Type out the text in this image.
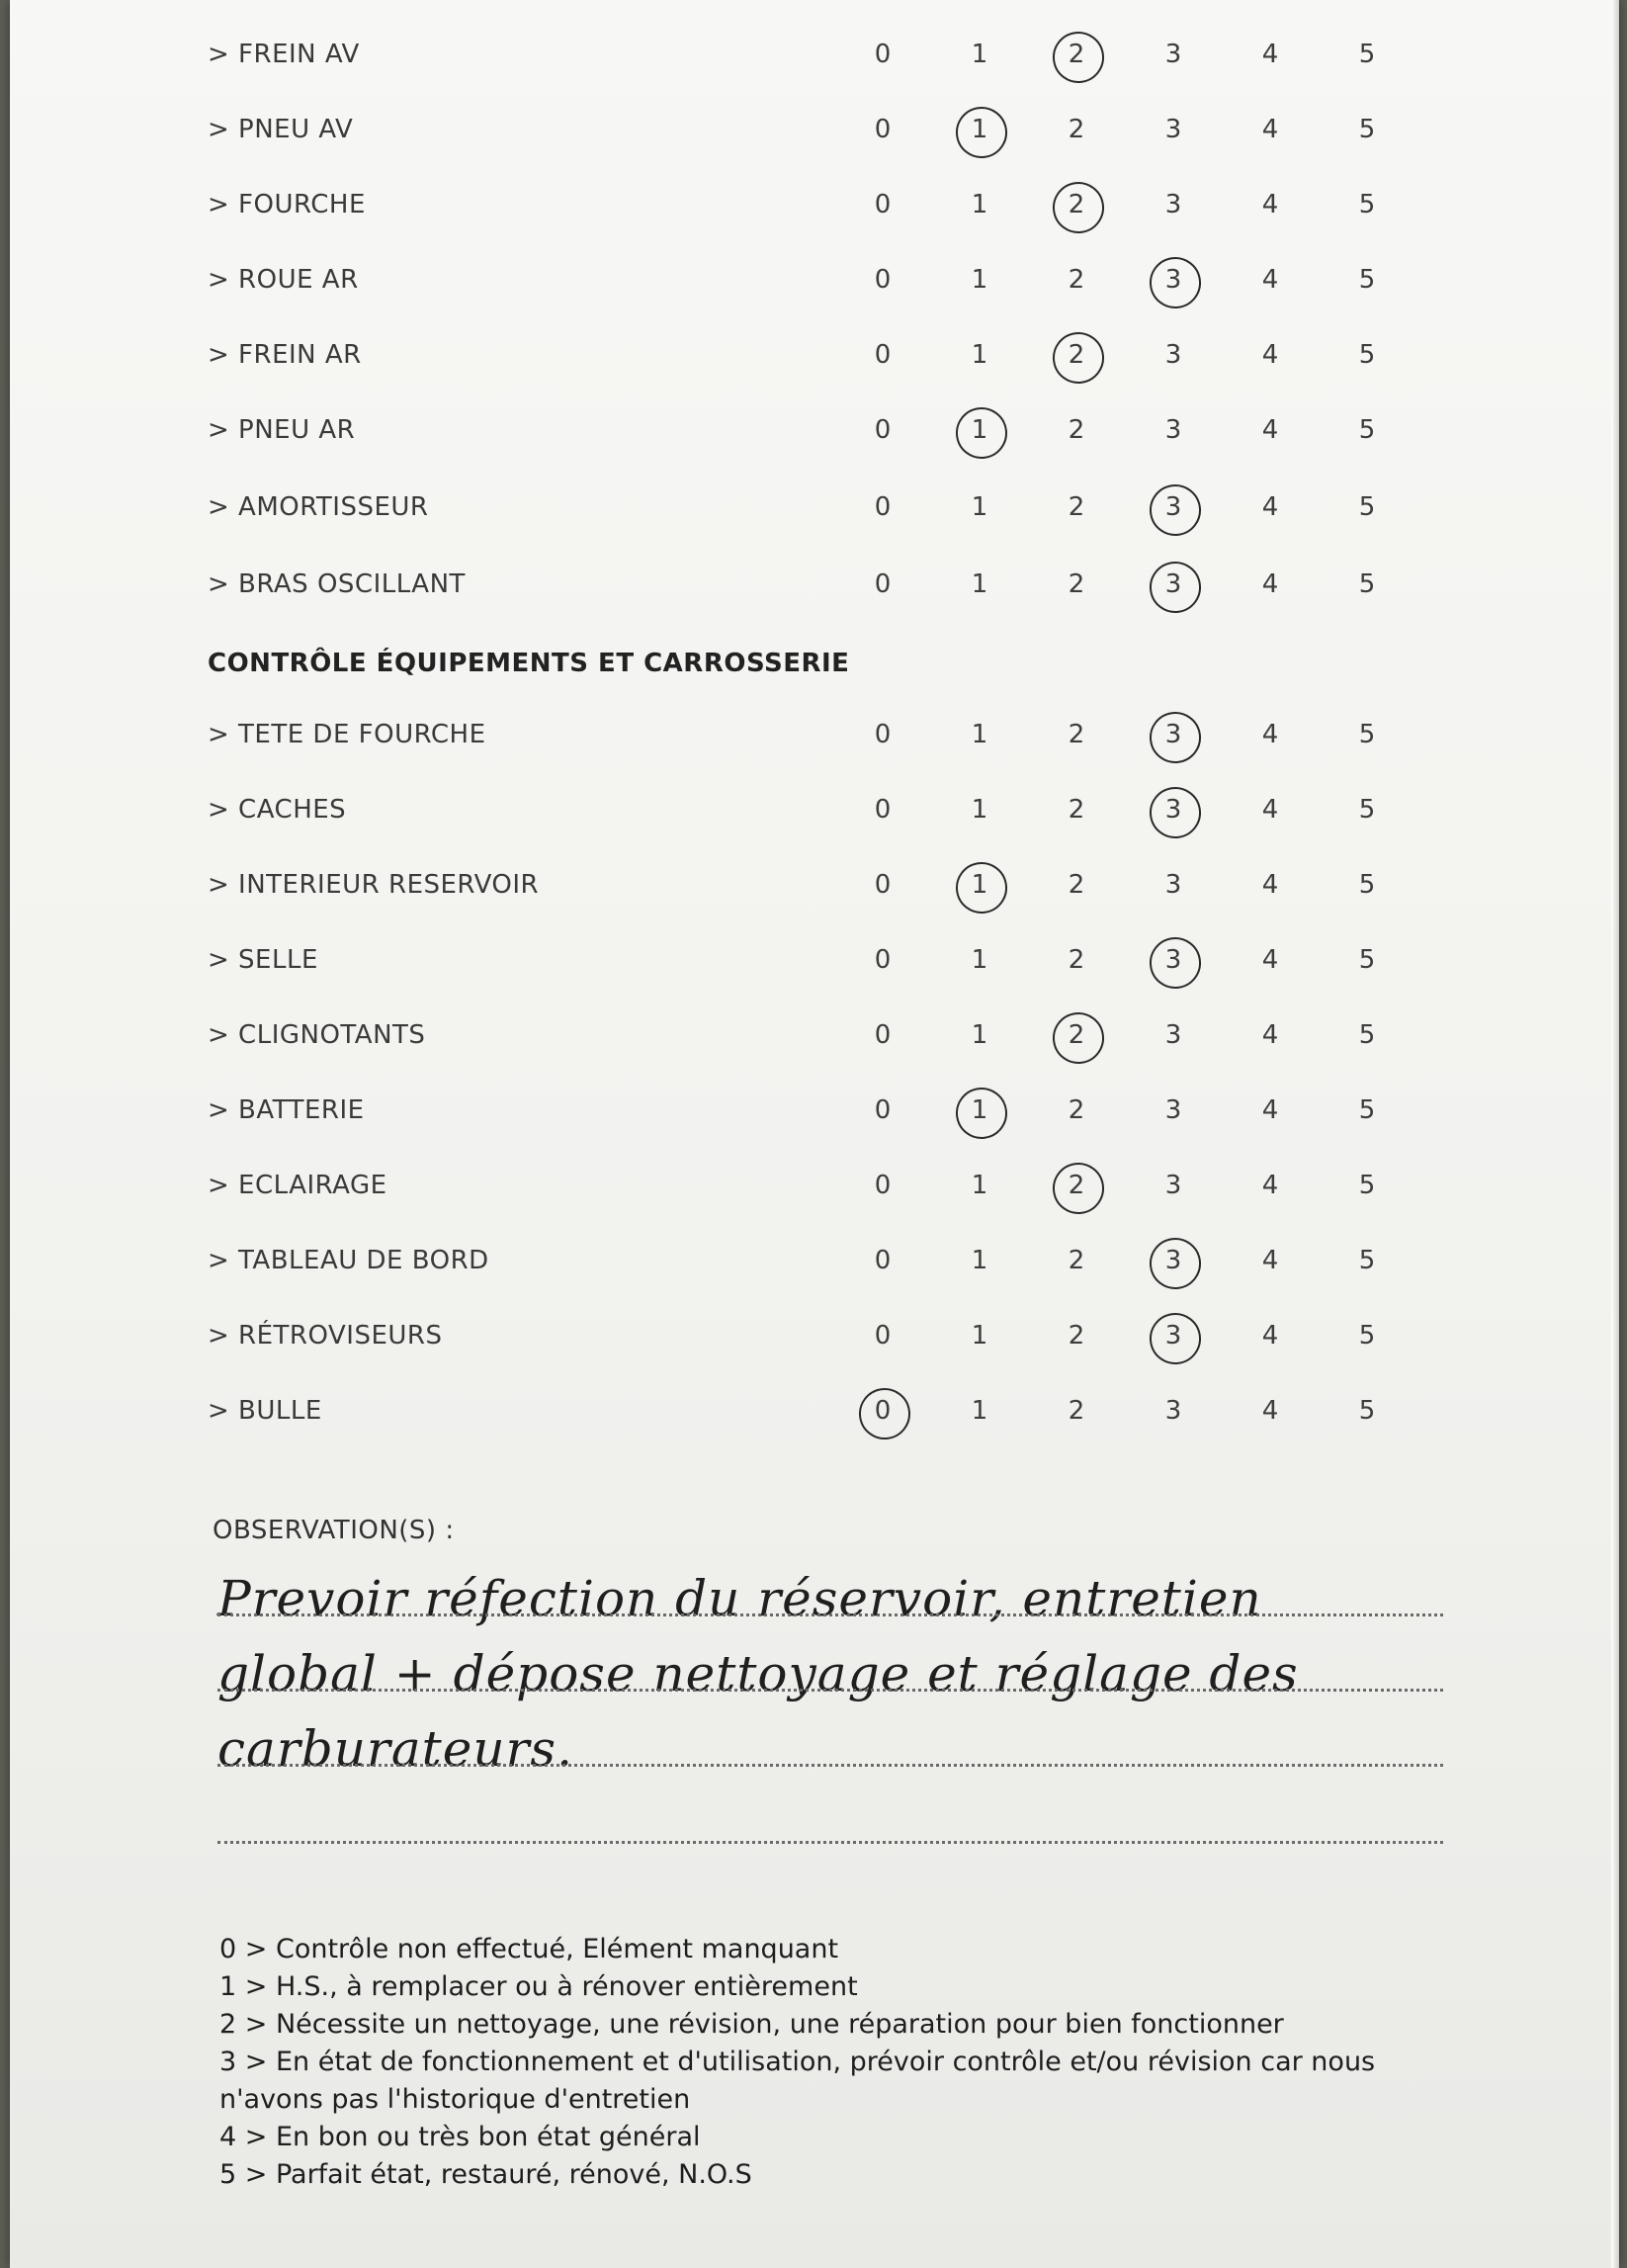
> FREIN AV	0	1	2	3	4	5
> PNEU AV	0	1	2	3	4	5
> FOURCHE	0	1	2	3	4	5
> ROUE AR	0	1	2	3	4	5
> FREIN AR	0	1	2	3	4	5
> PNEU AR	0	1	2	3	4	5
> AMORTISSEUR	0	1	2	3	4	5
> BRAS OSCILLANT	0	1	2	3	4	5
> TETE DE FOURCHE	0	1	2	3	4	5
> CACHES	0	1	2	3	4	5
> INTERIEUR RESERVOIR	0	1	2	3	4	5
> SELLE	0	1	2	3	4	5
> CLIGNOTANTS	0	1	2	3	4	5
> BATTERIE	0	1	2	3	4	5
> ECLAIRAGE	0	1	2	3	4	5
> TABLEAU DE BORD	0	1	2	3	4	5
> RÉTROVISEURS	0	1	2	3	4	5
> BULLE	0	1	2	3	4	5
CONTRÔLE ÉQUIPEMENTS ET CARROSSERIE
OBSERVATION(S) :
Prevoir réfection du réservoir, entretien
global + dépose nettoyage et réglage des
carburateurs.
0 > Contrôle non effectué, Elément manquant
1 > H.S., à remplacer ou à rénover entièrement
2 > Nécessite un nettoyage, une révision, une réparation pour bien fonctionner
3 > En état de fonctionnement et d'utilisation, prévoir contrôle et/ou révision car nous
n'avons pas l'historique d'entretien
4 > En bon ou très bon état général
5 > Parfait état, restauré, rénové, N.O.S
